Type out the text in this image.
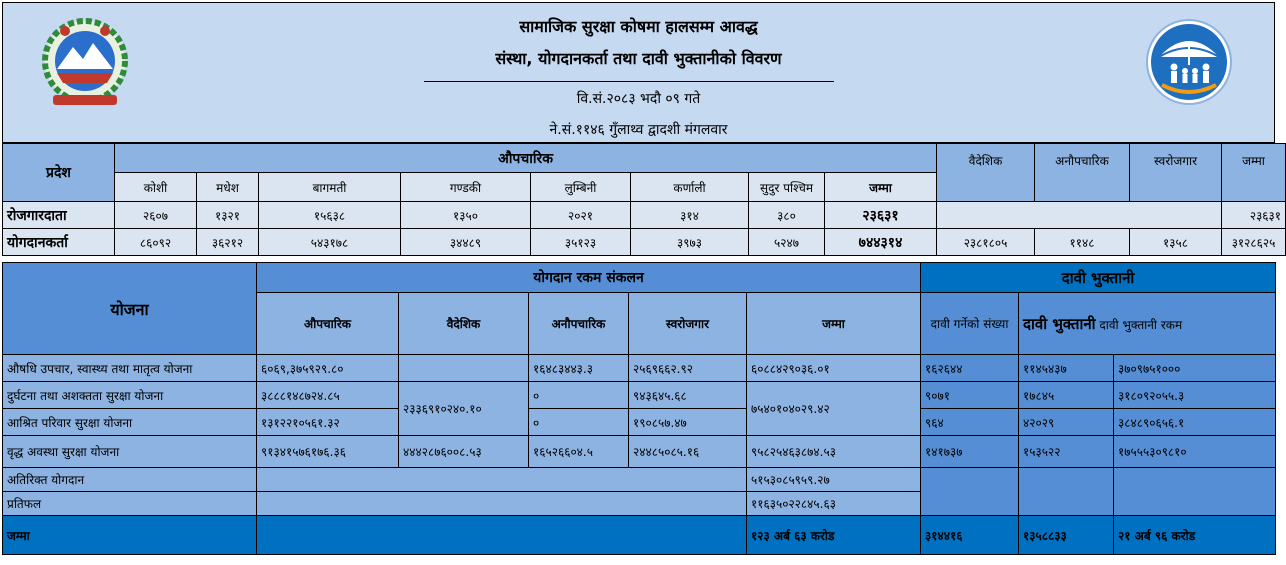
सामाजिक सुरक्षा कोषमा हालसम्म आवद्ध
संस्था, योगदानकर्ता तथा दावी भुक्तानीको विवरण
वि.सं.२०८३ भदौ ०९ गते
ने.सं.११४६ गुँलाथ्व द्वादशी मंगलवार
प्रदेश	औपचारिक								वैदेशिक	अनौपचारिक	स्वरोजगार	जम्मा
	कोशी	मधेश	बागमती	गण्डकी	लुम्बिनी	कर्णाली	सुदुर पश्चिम	जम्मा				
रोजगारदाता	२६०७	१३२१	१५६३८	१३५०	२०२१	३१४	३८०	२३६३१				२३६३१
योगदानकर्ता	८६०९२	३६२१२	५४३१७८	३४४८९	३५१२३	३९७३	५२४७	७४४३१४	२३८१८०५	११४८	१३५८	३१२८६२५
योजना	योगदान रकम संकलन					दावी भुक्तानी		
	औपचारिक	वैदेशिक	अनौपचारिक	स्वरोजगार	जम्मा	दावी गर्नेको संख्या	दावी भुक्तानी दावी भुक्तानी रकम	
औषधि उपचार, स्वास्थ्य तथा मातृत्व योजना	६०६९,३७५९२९.८०		१६४८३४४३.३	२५६९६६२.९२	६०८८४२९०३६.०१	१६२६४४	११४५४३७	३७०९७५१०००
दुर्घटना तथा अशक्तता सुरक्षा योजना	३८८८१४८७२४.८५	२३३६९१०२४०.१०	०	९४३६४५.६८	७५४०१०४०२९.४२	९०७१	१७८४५	३१८०९२०५५.३
आश्रित परिवार सुरक्षा योजना	१३१२२१०५६१.३२		०	१९०८५७.४७		९६४	४२०२९	३८४८९०६५६.१
वृद्ध अवस्था सुरक्षा योजना	९१३४१५७६१७६.३६	४४४२८७६००८.५३	१६५२६६०४.५	२४४८५०८५.१६	९५८२५४६३८७४.५३	१४१७३७	१५३५२२	१७५५५३०९८१०
अतिरिक्त योगदान					५१५३०८५९५९.२७			
प्रतिफल					११६३५०२२८४५.६३			
जम्मा					१२३ अर्ब ६३ करोड	३१४४१६	१३५८८३३	२१ अर्ब ९६ करोड
